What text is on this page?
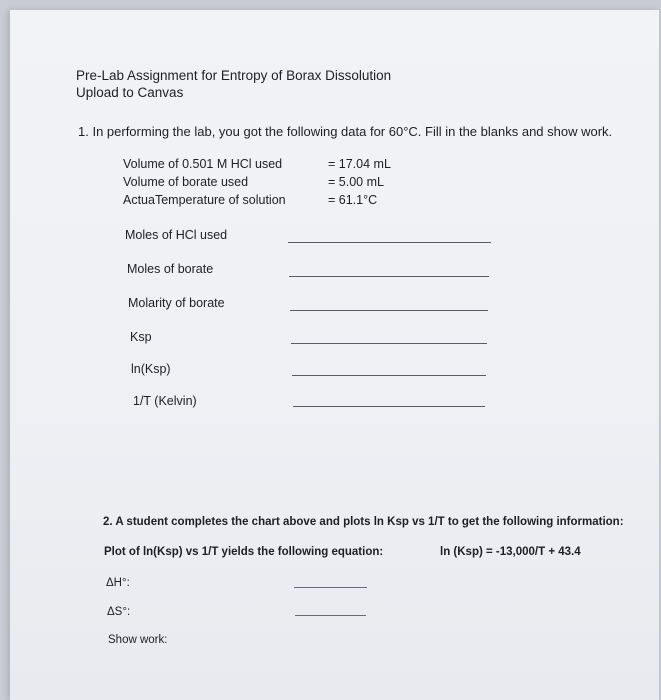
Pre-Lab Assignment for Entropy of Borax Dissolution
Upload to Canvas
1. In performing the lab, you got the following data for 60°C. Fill in the blanks and show work.
Volume of 0.501 M HCl used	= 17.04 mL
Volume of borate used	= 5.00 mL
ActuaTemperature of solution	= 61.1°C
Moles of HCl used
Moles of borate
Molarity of borate
Ksp
ln(Ksp)
1/T (Kelvin)
2. A student completes the chart above and plots ln Ksp vs 1/T to get the following information:
Plot of ln(Ksp) vs 1/T yields the following equation:	ln (Ksp) = -13,000/T + 43.4
ΔH°:
ΔS°:
Show work:
